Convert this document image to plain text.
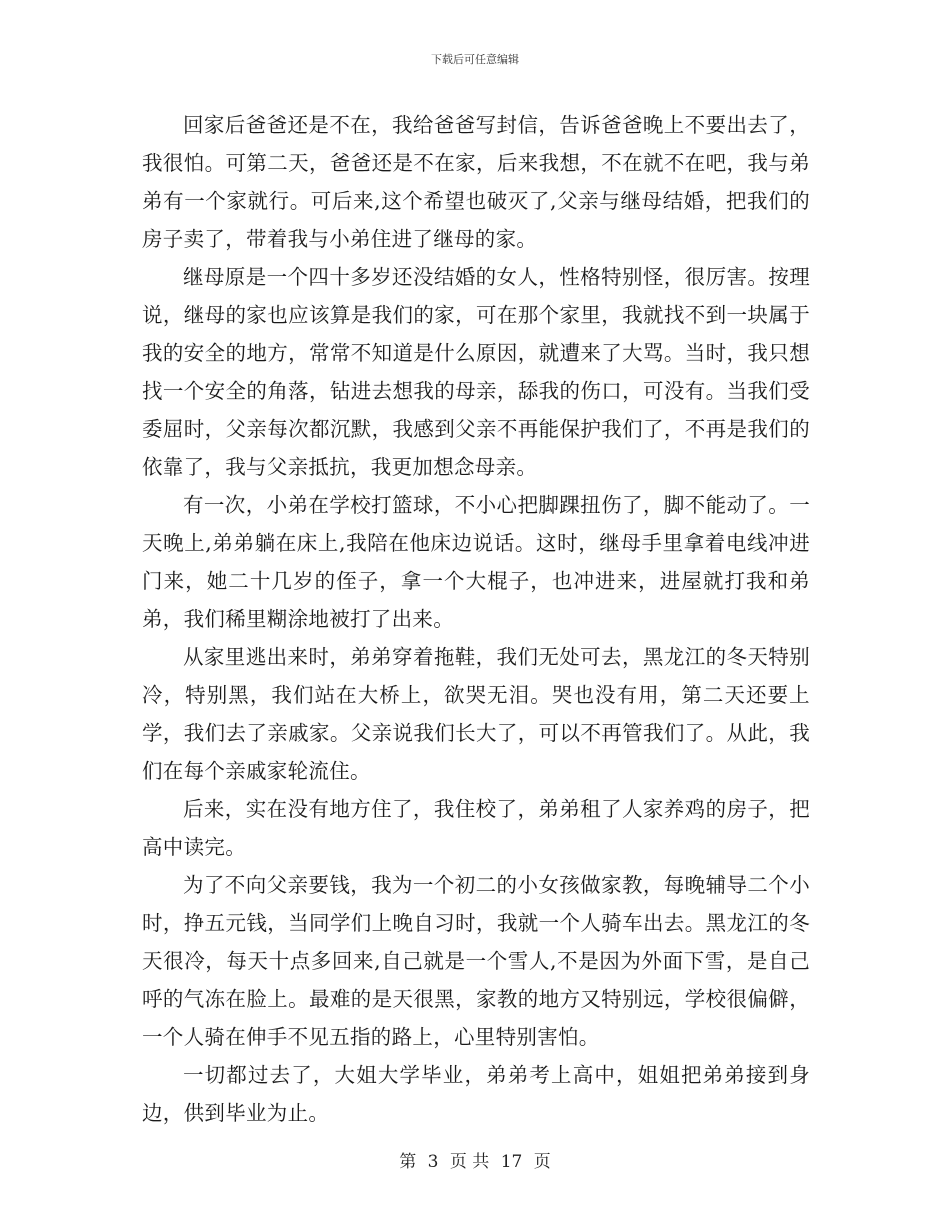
下载后可任意编辑

回家后爸爸还是不在，我给爸爸写封信，告诉爸爸晚上不要出去了，我很怕。可第二天，爸爸还是不在家，后来我想，不在就不在吧，我与弟弟有一个家就行。可后来,这个希望也破灭了,父亲与继母结婚，把我们的房子卖了，带着我与小弟住进了继母的家。

继母原是一个四十多岁还没结婚的女人，性格特别怪，很厉害。按理说，继母的家也应该算是我们的家，可在那个家里，我就找不到一块属于我的安全的地方，常常不知道是什么原因，就遭来了大骂。当时，我只想找一个安全的角落，钻进去想我的母亲，舔我的伤口，可没有。当我们受委屈时，父亲每次都沉默，我感到父亲不再能保护我们了，不再是我们的依靠了，我与父亲抵抗，我更加想念母亲。

有一次，小弟在学校打篮球，不小心把脚踝扭伤了，脚不能动了。一天晚上,弟弟躺在床上,我陪在他床边说话。这时，继母手里拿着电线冲进门来，她二十几岁的侄子，拿一个大棍子，也冲进来，进屋就打我和弟弟，我们稀里糊涂地被打了出来。

从家里逃出来时，弟弟穿着拖鞋，我们无处可去，黑龙江的冬天特别冷，特别黑，我们站在大桥上，欲哭无泪。哭也没有用，第二天还要上学，我们去了亲戚家。父亲说我们长大了，可以不再管我们了。从此，我们在每个亲戚家轮流住。

后来，实在没有地方住了，我住校了，弟弟租了人家养鸡的房子，把高中读完。

为了不向父亲要钱，我为一个初二的小女孩做家教，每晚辅导二个小时，挣五元钱，当同学们上晚自习时，我就一个人骑车出去。黑龙江的冬天很冷，每天十点多回来,自己就是一个雪人,不是因为外面下雪，是自己呼的气冻在脸上。最难的是天很黑，家教的地方又特别远，学校很偏僻，一个人骑在伸手不见五指的路上，心里特别害怕。

一切都过去了，大姐大学毕业，弟弟考上高中，姐姐把弟弟接到身边，供到毕业为止。

第 3 页 共 17 页
